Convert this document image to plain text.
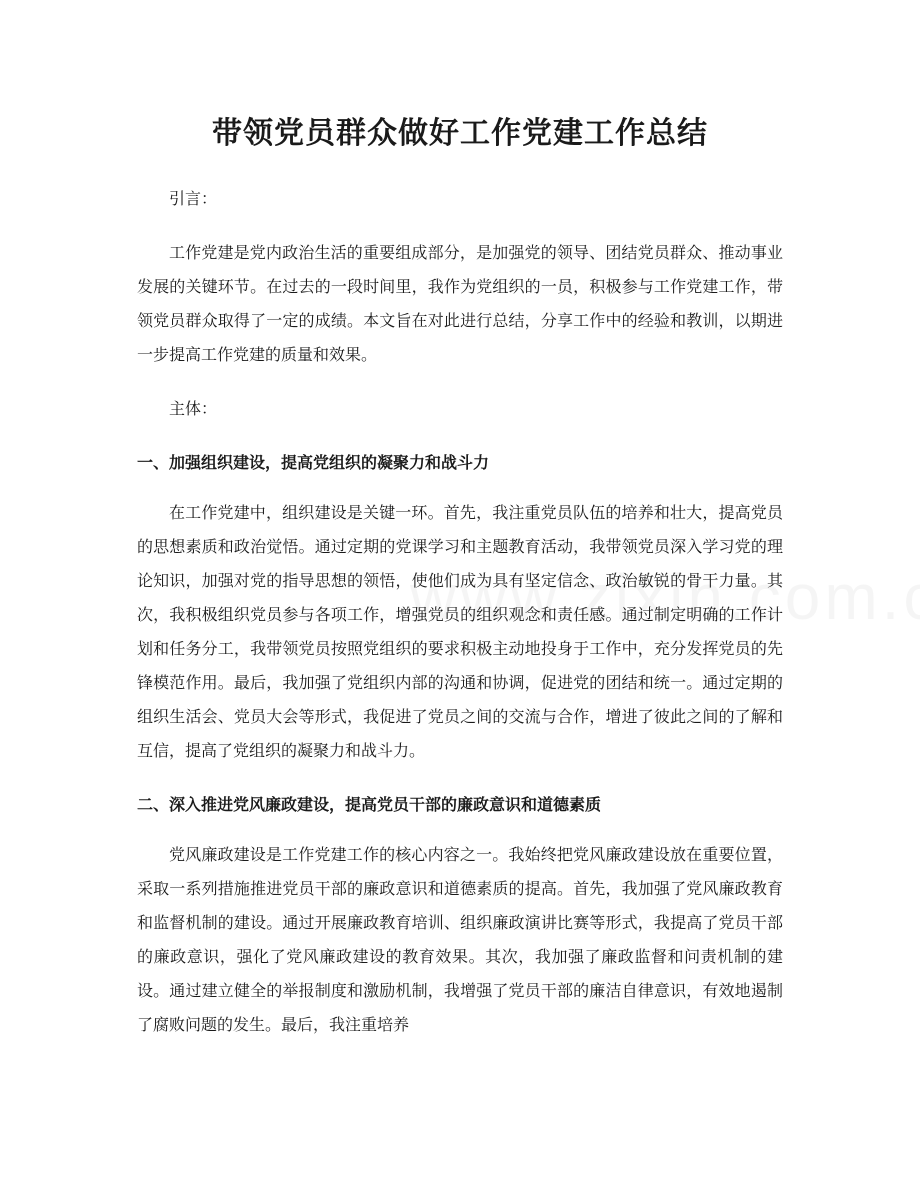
带领党员群众做好工作党建工作总结

引言：

工作党建是党内政治生活的重要组成部分，是加强党的领导、团结党员群众、推动事业发展的关键环节。在过去的一段时间里，我作为党组织的一员，积极参与工作党建工作，带领党员群众取得了一定的成绩。本文旨在对此进行总结，分享工作中的经验和教训，以期进一步提高工作党建的质量和效果。

主体：

一、加强组织建设，提高党组织的凝聚力和战斗力

在工作党建中，组织建设是关键一环。首先，我注重党员队伍的培养和壮大，提高党员的思想素质和政治觉悟。通过定期的党课学习和主题教育活动，我带领党员深入学习党的理论知识，加强对党的指导思想的领悟，使他们成为具有坚定信念、政治敏锐的骨干力量。其次，我积极组织党员参与各项工作，增强党员的组织观念和责任感。通过制定明确的工作计划和任务分工，我带领党员按照党组织的要求积极主动地投身于工作中，充分发挥党员的先锋模范作用。最后，我加强了党组织内部的沟通和协调，促进党的团结和统一。通过定期的组织生活会、党员大会等形式，我促进了党员之间的交流与合作，增进了彼此之间的了解和互信，提高了党组织的凝聚力和战斗力。

二、深入推进党风廉政建设，提高党员干部的廉政意识和道德素质

党风廉政建设是工作党建工作的核心内容之一。我始终把党风廉政建设放在重要位置，采取一系列措施推进党员干部的廉政意识和道德素质的提高。首先，我加强了党风廉政教育和监督机制的建设。通过开展廉政教育培训、组织廉政演讲比赛等形式，我提高了党员干部的廉政意识，强化了党风廉政建设的教育效果。其次，我加强了廉政监督和问责机制的建设。通过建立健全的举报制度和激励机制，我增强了党员干部的廉洁自律意识，有效地遏制了腐败问题的发生。最后，我注重培养
